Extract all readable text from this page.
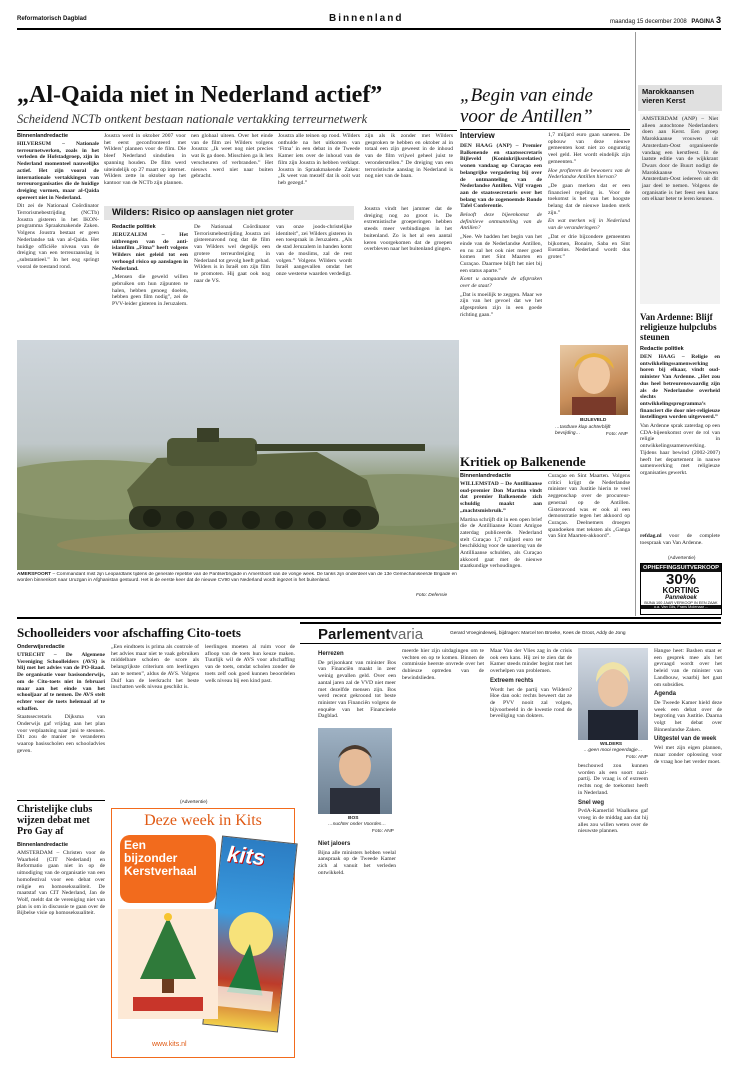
Reformatorisch Dagblad	Binnenland	maandag 15 december 2008 PAGINA 3
„Al-Qaida niet in Nederland actief”
Scheidend NCTb ontkent bestaan nationale vertakking terreurnetwerk
Binnenlandredactie

HILVERSUM – Nationale terreurnetwerken, zoals in het verleden de Hofstadgroep, zijn in Nederland momenteel nauwelijks actief. Het zijn vooral de internationale vertakkingen van terreurorganisaties die de huidige dreiging vormen, maar al-Qaida opereert niet in Nederland.

Dit zei de Nationaal Coördinator Terrorismebestrijding (NCTb) Joustra gisteren in het IKON-programma Spraakmakende Zaken. Volgens Joustra bestaat er geen Nederlandse tak van al-Qaida. Het huidige officiële niveau van de dreiging van een terreuraanslag is „substantieel.” In het oog springt vooral de toestand rond.

Joustra werd in oktober 2007 voor het eerst geconfronteerd met Wilders’ plannen voor de film. Die bleef Nederland sindsdien in spanning houden. De film werd uiteindelijk op 27 maart op internet. Wilders zette in oktober op het kantoor van de NCTb zijn plannen.
nen globaal uiteen. Over het einde van de film zei Wilders volgens Joustra: „Ik weet nog niet precies wat ik ga doen. Misschien ga ik lets verscheuren of verbranden.” Het nieuws werd niet naar buiten gebracht.
Joustra alle teinen op rood. Wilders onthulde na het uitkomen van ‘Fitna’ in een debat in de Tweede Kamer iets over de inhoud van de film zijn Joustra in hebben verklapt. Joustra in Spraakmakende Zaken: „Ik weet van mezelf dat ik ooit wat heb gezegd.”
zijn als ik zonder met Wilders gesproken te hebben en oktober al in totaal een zijn geweest in de inhoud van de film vrijwel geheel juist te veronderstellen.” De dreiging van een terroristische aanslag in Nederland is nog niet van de baan.
Wilders: Risico op aanslagen niet groter
Redactie politiek

JERUZALEM – Het uitbrengen van de anti-islamfilm „Fitna” heeft volgens Wilders niet geleid tot een verhoogd risico op aanslagen in Nederland.

„Mensen die geweld willen gebruiken om hun zijpunten te halen, hebben genoeg doelen, hebben geen film nodig”, zei de PVV-leider gisteren in Jeruzalem.

De Nationaal Coördinator Terrorismebestrijding Joustra zei gisterenavond nog dat de film van Wilders wel degelijk een grotere terreurdreiging in Nederland tot gevolg heeft gehad. Wilders is in Israël om zijn film te promoten. Hij gaat ook nog naar de VS.
van onze joods-christelijke identiteit”, zei Wilders gisteren in een toespraak in Jeruzalem. „Als de stad Jeruzalem in handen komt van de moslims, zal de rest volgen.” Volgens Wilders wordt Israël aangevallen omdat het onze westerse waarden verdedigt.
Joustra vindt het jammer dat de dreiging nog zo groot is. De extremistische groeperingen hebben steeds meer verbindingen in het buitenland. Zo is het al een aantal keren voorgekomen dat de groepen overbleven naar het buitenland gingen.
AMERSFOORT – Commandant mist zijn Leopardtank tijdens de generale repetitie van de Pantserbrigade in Amersfoort van de vorige week. De tanks zijn onderdeel van de 13e Gemechaniseerde Brigade en worden binnenkort naar Uruzgan in Afghanistan gestuurd. Het is de eerste keer dat de nieuwe CV90 van Nederland wordt ingezet in het buitenland.
Foto: Defensie
„Begin van einde voor de Antillen”
Interview

DEN HAAG (ANP) – Premier Balkenende en staatssecretaris Bijleveld (Koninkrijksrelaties) wonen vandaag op Curaçao een belangrijke vergadering bij over de ontmanteling van de Nederlandse Antillen. Vijf vragen aan de staatssecretaris over het belang van de zogenoemde Ronde Tafel Conferentie.

Belooft deze bijeenkomst de definitieve ontmanteling van de Antillen?

„Nee. We hadden het begin van het einde van de Nederlandse Antillen, en nu zal het ook niet meer goed komen met Sint Maarten en Curaçao. Daarmee blijft het niet bij een status aparte.”

Komt u aangaande de afspraken over de staat?

„Dat is moeilijk te zeggen. Maar we zijn van het gevoel dat we het afgesproken zijn in een goede richting gaan.”

1,7 miljard euro gaan saneren. De opbouw van deze nieuwe gemeenten kost niet zo ongunstig veel geld. Het wordt eindelijk zijn gemeenten.”

Hoe profiteren de bewoners van de Nederlandse Antillen hiervan?

„De gaan merken dat er een financieel regeling is. Voor de toekomst is het van het hoogste belang dat de nieuwe landen sterk zijn.”

En wat merken wij in Nederland van de veranderingen?

„Dat er drie bijzondere gemeenten bijkomen, Bonaire, Saba en Sint Eustatius. Nederland wordt dus groter.”

BIJLEVELD
…tastbare klap achterblijft bevrijding…	Foto: ANP
Kritiek op Balkenende
Binnenlandredactie

WILLEMSTAD – De Antilliaanse oud-premier Don Martina vindt dat premier Balkenende zich schuldig maakt aan „machtsmisbruik.”

Martina schrijft dit in een open brief die de Antilliaanse Krant Amigoe zaterdag publiceerde. Nederland stelt Curaçao 1,7 miljard euro ter beschikking voor de sanering van de Antilliaanse schulden, als Curaçao akkoord gaat met de nieuwe staatkundige verhoudingen.

Curaçao en Sint Maarten. Volgens critici krijgt de Nederlandse minister van Justitie hierin te veel zeggenschap over de procureur-generaal op de Antillen. Gisteravond was er ook al een demonstratie tegen het akkoord op Curaçao. Deelnemers droegen spandoeken met teksten als „Ganga van Sint Maarten-akkoord”.
Marokkaansen vieren Kerst
AMSTERDAM (ANP) – Niet alleen autochtone Nederlanders doen aan Kerst. Een groep Marokkaanse vrouwen uit Amsterdam-Oost organiseerde vandaag een kerstfeest. In de laatste editie van de wijkkrant Dwars door de Buurt nodigt de Marokkaanse Vrouwen Amsterdam-Oost iedereen uit dit jaar deel te nemen. Volgens de organisatie is het feest een kans om elkaar beter te leren kennen.
Van Ardenne: Blijf religieuze hulpclubs steunen
Redactie politiek

DEN HAAG – Religie en ontwikkelingssamenwerking horen bij elkaar, vindt oud-minister Van Ardenne. „Het zou dus heel betreurenswaardig zijn als de Nederlandse overheid slechts ontwikkelingsprogramma’s financiert die door niet-religieuze instellingen worden uitgevoerd.”

Van Ardenne sprak zaterdag op een CDA-bijeenkomst over de rol van religie in ontwikkelingssamenwerking. Tijdens haar bewind (2002-2007) heeft het departement in nauwe samenwerking met religieuze organisaties gewerkt.

refdag.nl voor de complete toespraak van Van Ardenne.
(Advertentie)
OPHEFFINGSUITVERKOOP
30%
KORTING
Pannekoek
BIJNA 100 JAAR VERKOOP IN EEN ZAAK
o.a. Van Gils, Frans Molenaar ...
Schoolleiders voor afschaffing Cito-toets
Onderwijsredactie

UTRECHT – De Algemene Vereniging Schoolleiders (AVS) is blij met het advies van de PO-Raad. De organisatie voor basisonderwijs, om de Cito-toets niet in februari maar aan het einde van het schooljaar af te nemen. De AVS stelt echter voor de toets helemaal af te schaffen.

Staatssecretaris Dijksma van Onderwijs gaf vrijdag aan het plan voor verplaatsing naar juni te steunen. Dit zou de manier te veranderen waarop basisscholen een schooladvies geven.

„Een eindtoets is prima als controle of het advies maar niet te vaak gebruiken middelbare scholen de score als belangrijkste criterium om leerlingen aan te nemen”, aldus de AVS. Volgens Duif kan de leerkracht het beste inschatten welk niveau geschikt is.
leerlingen moeten al ruim voor de afloop van de toets hun keuze maken. Tuurlijk wil de AVS voor afschaffing van de toets, omdat scholen zonder de toets zelf ook goed kunnen beoordelen welk niveau bij een kind past.
Christelijke clubs wijzen debat met Pro Gay af
Binnenlandredactie
AMSTERDAM – Christen voor de Waarheid (CIT Nederland) en Reformatio gaan niet in op de uitnodiging van de organisatie van een homofestival voor een debat over religie en homoseksualiteit. De maatstaf van CIT Nederland, Jan de Wolf, meldt dat de vereniging niet van plan is om in discussie te gaan over de Bijbelse visie op homoseksualiteit.
(Advertentie)
Deze week in Kits
Een
bijzonder
Kerstverhaal
kits
www.kits.nl
Parlementvaria	Gerard Vroegindeweij, bijdragen: Marcel ten Broeke, Kees de Groot, Addy de Jong
Herrezen

De prijsonkant van minister Bos van Financiën maakt in zeer weinig gevallen geld. Over een aantal jaren zal de VVD niet meer met dezelfde mensen zijn. Bos werd recent gekroond tot beste minister van Financiën volgens de enquête van het Financieele Dagblad.

BOS
…nuchter onder Voordes…
Foto: ANP
Niet jaloers

Bijna alle ministers hebben veelal aanspraak op de Tweede Kamer zich al vanuit het verleden ontwikkeld.

meerde hier zijn uitdagingen om te vechten en op te komen. Binnen de commissie heerste onvrede over het dubieuze optreden van de bewindslieden.

Maar Van der Vlies zag in de crisis ook een kans. Hij zei te zien dat de Kamer steeds minder begint met het overhelpen van problemen.

Extreem rechts

Wordt het de partij van Wilders? Hoe dan ook: rechts beweert dat ze de PVV nooit zal volgen, bijvoorbeeld in de kwestie rond de beveiliging van dokters.

WILDERS
…geen mooi regeerdagje…
Foto: ANP

beschouwd zou kunnen worden als een soort nazi-partij. De vraag is of extreem rechts nog de toekomst heeft in Nederland.

Snel weg

PvdA-Kamerlid Waalkens gaf vroeg in de middag aan dat hij alles zou willen weten over de nieuwste plannen.

Hangse heet: Bashen staat er een gesprek mee als het gevraagd wordt over het beleid van de minister van Landbouw, waarbij het gaat om subsidies.

Agenda

De Tweede Kamer hield deze week een debat over de begroting van Justitie. Daarna volgt het debat over Binnenlandse Zaken.

Uitgestel van de week

Wel met zijn eigen plannen, maar zonder oplossing voor de vraag hoe het verder moet.
